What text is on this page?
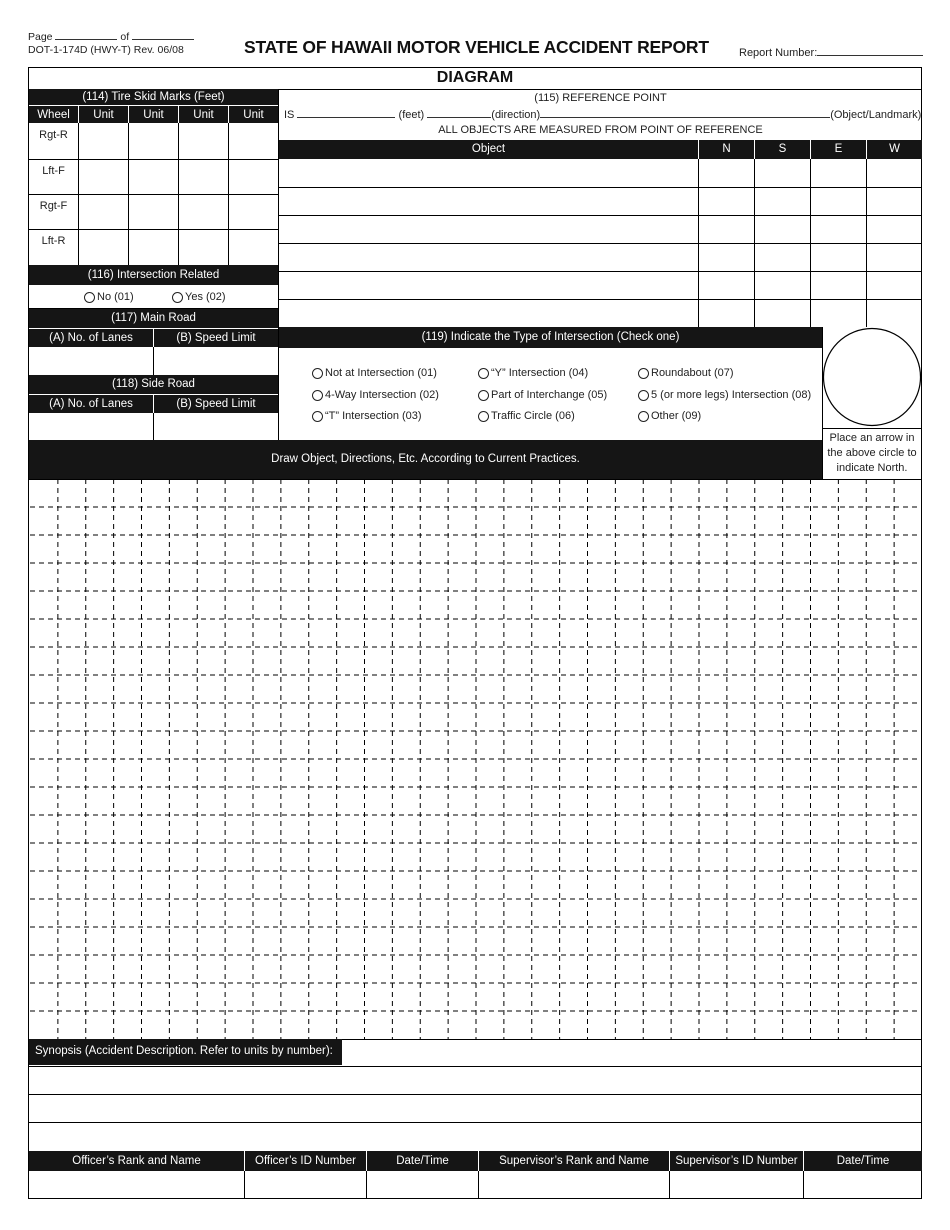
Page	of
DOT-1-174D (HWY-T) Rev. 06/08	STATE OF HAWAII MOTOR VEHICLE ACCIDENT REPORT	Report Number:
DIAGRAM
(114) Tire Skid Marks (Feet)
Wheel	Unit	Unit	Unit	Unit
Rgt-R
Lft-F
Rgt-F
Lft-R
(116) Intersection Related
No (01)	Yes (02)
(117) Main Road
(A) No. of Lanes	(B) Speed Limit
(118) Side Road
(A) No. of Lanes	(B) Speed Limit
(115) REFERENCE POINT
IS	(feet)	(direction)	(Object/Landmark)
ALL OBJECTS ARE MEASURED FROM POINT OF REFERENCE
Object	N	S	E	W
(119) Indicate the Type of Intersection (Check one)
Not at Intersection (01)
4-Way Intersection (02)
“T” Intersection (03)
“Y” Intersection (04)
Part of Interchange (05)
Traffic Circle (06)
Roundabout (07)
5 (or more legs) Intersection (08)
Other (09)
Place an arrow in
the above circle to
indicate North.
Draw Object, Directions, Etc. According to Current Practices.
Synopsis (Accident Description. Refer to units by number):
Officer’s Rank and Name	Officer’s ID Number	Date/Time	Supervisor’s Rank and Name	Supervisor’s ID Number	Date/Time
